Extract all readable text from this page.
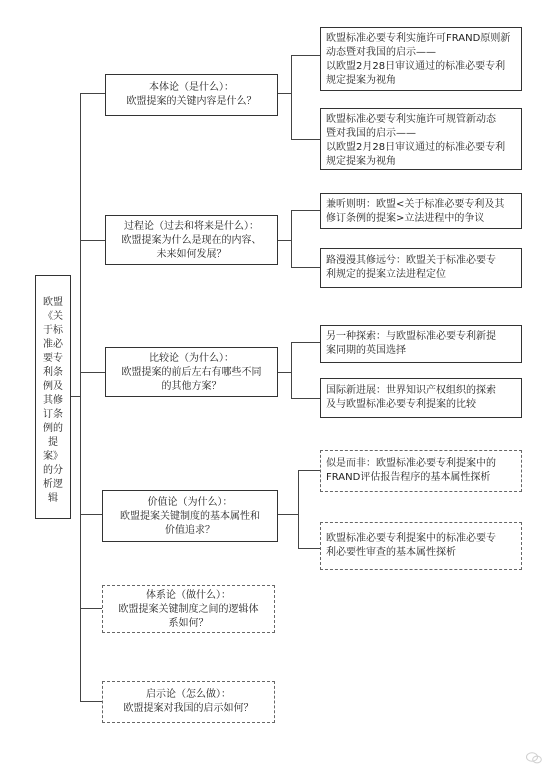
欧盟
《关
于标
准必
要专
利条
例及
其修
订条
例的
提
案》
的分
析逻
辑
本体论（是什么）：
欧盟提案的关键内容是什么？
欧盟标准必要专利实施许可FRAND原则新
动态暨对我国的启示——
以欧盟2月28日审议通过的标准必要专利
规定提案为视角
欧盟标准必要专利实施许可规管新动态
暨对我国的启示——
以欧盟2月28日审议通过的标准必要专利
规定提案为视角
过程论（过去和将来是什么）：
欧盟提案为什么是现在的内容、
未来如何发展？
兼听则明：欧盟<关于标准必要专利及其
修订条例的提案>立法进程中的争议
路漫漫其修远兮：欧盟关于标准必要专
利规定的提案立法进程定位
比较论（为什么）：
欧盟提案的前后左右有哪些不同
的其他方案？
另一种探索：与欧盟标准必要专利新提
案同期的英国选择
国际新进展：世界知识产权组织的探索
及与欧盟标准必要专利提案的比较
价值论（为什么）：
欧盟提案关键制度的基本属性和
价值追求？
似是而非：欧盟标准必要专利提案中的
FRAND评估报告程序的基本属性探析
欧盟标准必要专利提案中的标准必要专
利必要性审查的基本属性探析
体系论（做什么）：
欧盟提案关键制度之间的逻辑体
系如何？
启示论（怎么做）：
欧盟提案对我国的启示如何？
